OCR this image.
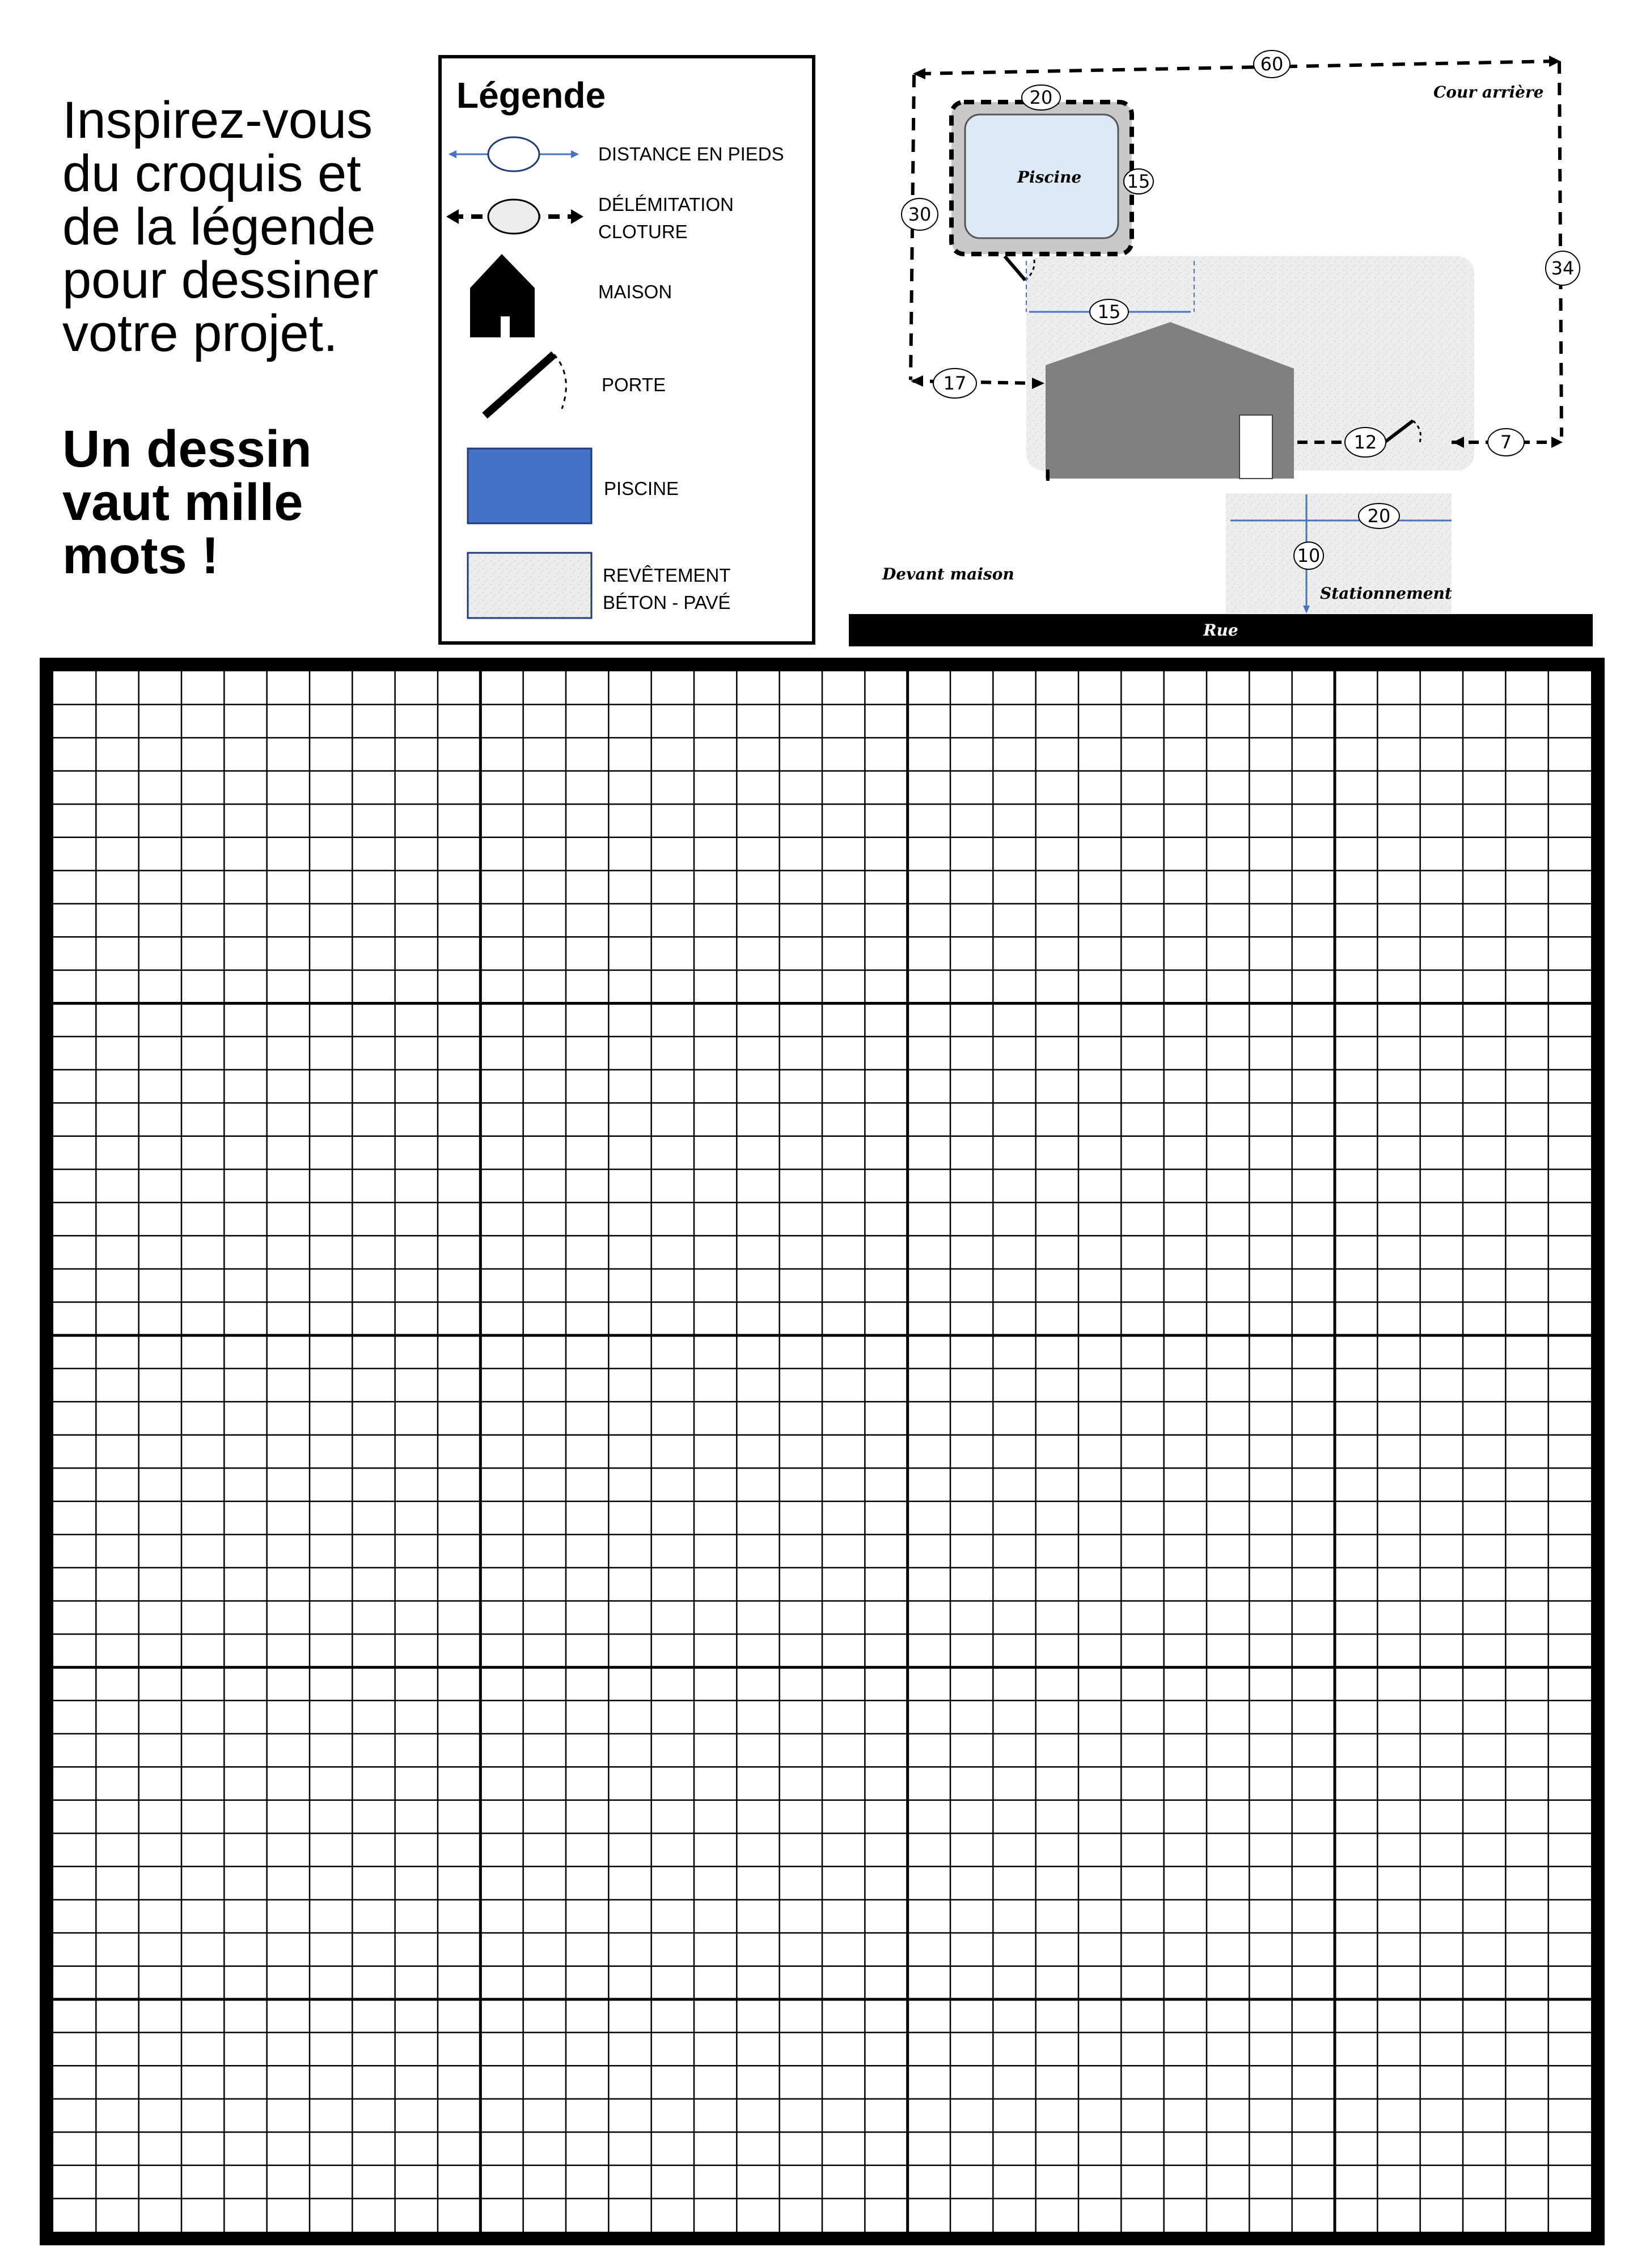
Inspirez-vous
du croquis et
de la légende
pour dessiner
votre projet.

Un dessin
vaut mille
mots !

Légende
DISTANCE EN PIEDS
DÉLÉMITATION
CLOTURE
MAISON
PORTE
PISCINE
REVÊTEMENT
BÉTON - PAVÉ
Cour arrière
Piscine
Devant maison
Stationnement
60
30
34
20
15
15
17
12	7
20
10
Rue
